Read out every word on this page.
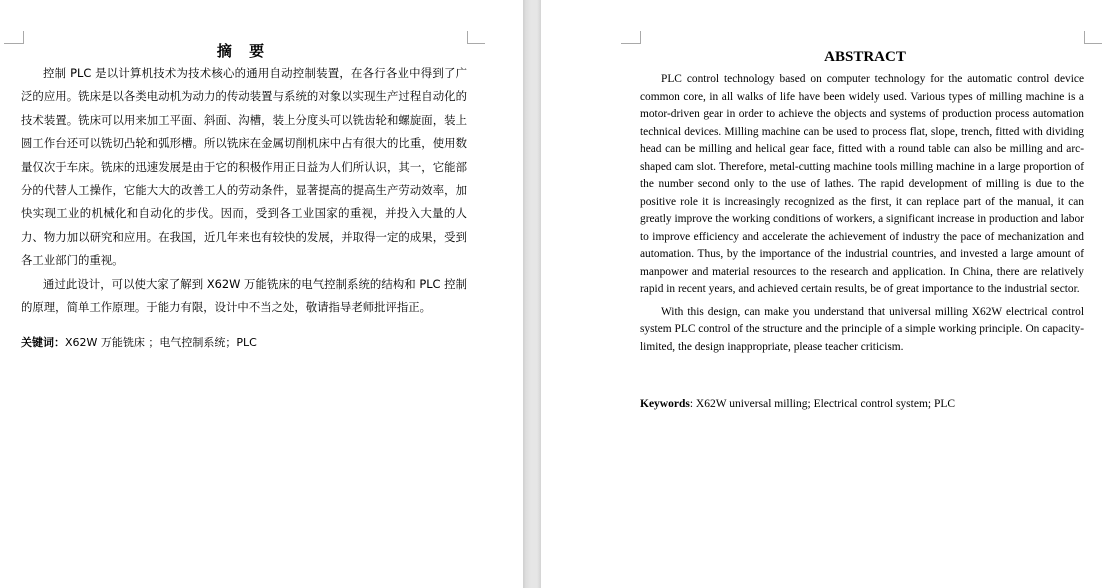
摘 要

控制 PLC 是以计算机技术为技术核心的通用自动控制装置，在各行各业中得到了广泛的应用。铣床是以各类电动机为动力的传动装置与系统的对象以实现生产过程自动化的技术装置。铣床可以用来加工平面、斜面、沟槽，装上分度头可以铣齿轮和螺旋面，装上圆工作台还可以铣切凸轮和弧形槽。所以铣床在金属切削机床中占有很大的比重，使用数量仅次于车床。铣床的迅速发展是由于它的积极作用正日益为人们所认识，其一，它能部分的代替人工操作，它能大大的改善工人的劳动条件，显著提高的提高生产劳动效率，加快实现工业的机械化和自动化的步伐。因而，受到各工业国家的重视，并投入大量的人力、物力加以研究和应用。在我国，近几年来也有较快的发展，并取得一定的成果，受到各工业部门的重视。

通过此设计，可以使大家了解到 X62W 万能铣床的电气控制系统的结构和 PLC 控制的原理，简单工作原理。于能力有限，设计中不当之处，敬请指导老师批评指正。

关键词：X62W 万能铣床 ；电气控制系统；PLC
ABSTRACT

PLC control technology based on computer technology for the automatic control device common core, in all walks of life have been widely used. Various types of milling machine is a motor-driven gear in order to achieve the objects and systems of production process automation technical devices. Milling machine can be used to process flat, slope, trench, fitted with dividing head can be milling and helical gear face, fitted with a round table can also be milling and arc-shaped cam slot. Therefore, metal-cutting machine tools milling machine in a large proportion of the number second only to the use of lathes. The rapid development of milling is due to the positive role it is increasingly recognized as the first, it can replace part of the manual, it can greatly improve the working conditions of workers, a significant increase in production and labor to improve efficiency and accelerate the achievement of industry the pace of mechanization and automation. Thus, by the importance of the industrial countries, and invested a large amount of manpower and material resources to the research and application. In China, there are relatively rapid in recent years, and achieved certain results, be of great importance to the industrial sector.

With this design, can make you understand that universal milling X62W electrical control system PLC control of the structure and the principle of a simple working principle. On capacity-limited, the design inappropriate, please teacher criticism.

Keywords: X62W universal milling; Electrical control system; PLC
